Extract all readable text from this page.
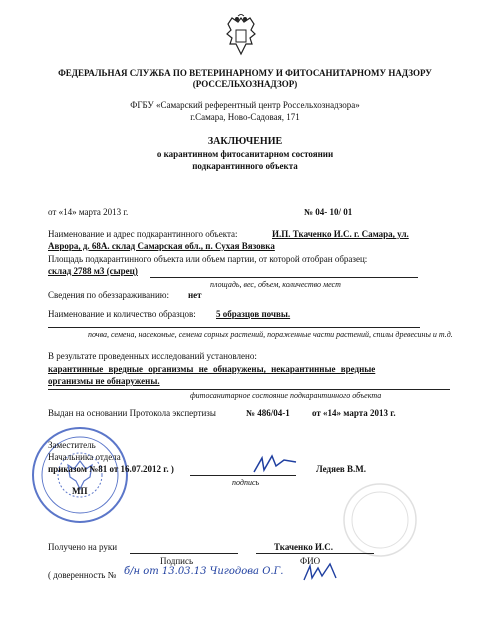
ФЕДЕРАЛЬНАЯ СЛУЖБА ПО ВЕТЕРИНАРНОМУ И ФИТОСАНИТАРНОМУ НАДЗОРУ
(РОССЕЛЬХОЗНАДЗОР)
ФГБУ «Самарский референтный центр Россельхознадзора»
г.Самара, Ново-Садовая, 171
ЗАКЛЮЧЕНИЕ
о карантинном фитосанитарном состоянии
подкарантинного объекта
от «14» марта 2013 г.	№ 04- 10/ 01
Наименование и адрес подкарантинного объекта:	И.П. Ткаченко И.С. г. Самара, ул.
Аврора, д. 68А. склад Самарская обл., п. Сухая Вязовка
Площадь подкарантинного объекта или объем партии, от которой отобран образец:
склад 2788 м3 (сырец)
площадь, вес, объем, количество мест
Сведения по обеззараживанию: нет
Наименование и количество образцов: 5 образцов почвы.
почва, семена, насекомые, семена сорных растений, пораженные части растений, спилы древесины и т.д.
В результате проведенных исследований установлено:
карантинные вредные организмы не обнаружены, некарантинные вредные
организмы не обнаружены.
фитосанитарное состояние подкарантинного объекта
Выдан на основании Протокола экспертизы	№ 486/04-1 от «14» марта 2013 г.
Заместитель
Начальника отдела
приказом №81 от 16.07.2012 г. )	Ледяев В.М.
подпись
МП
Получено на руки	Ткаченко И.С.
Подпись	ФИО
( доверенность № б/н от 13.03.13 Чигодова О.Г.
